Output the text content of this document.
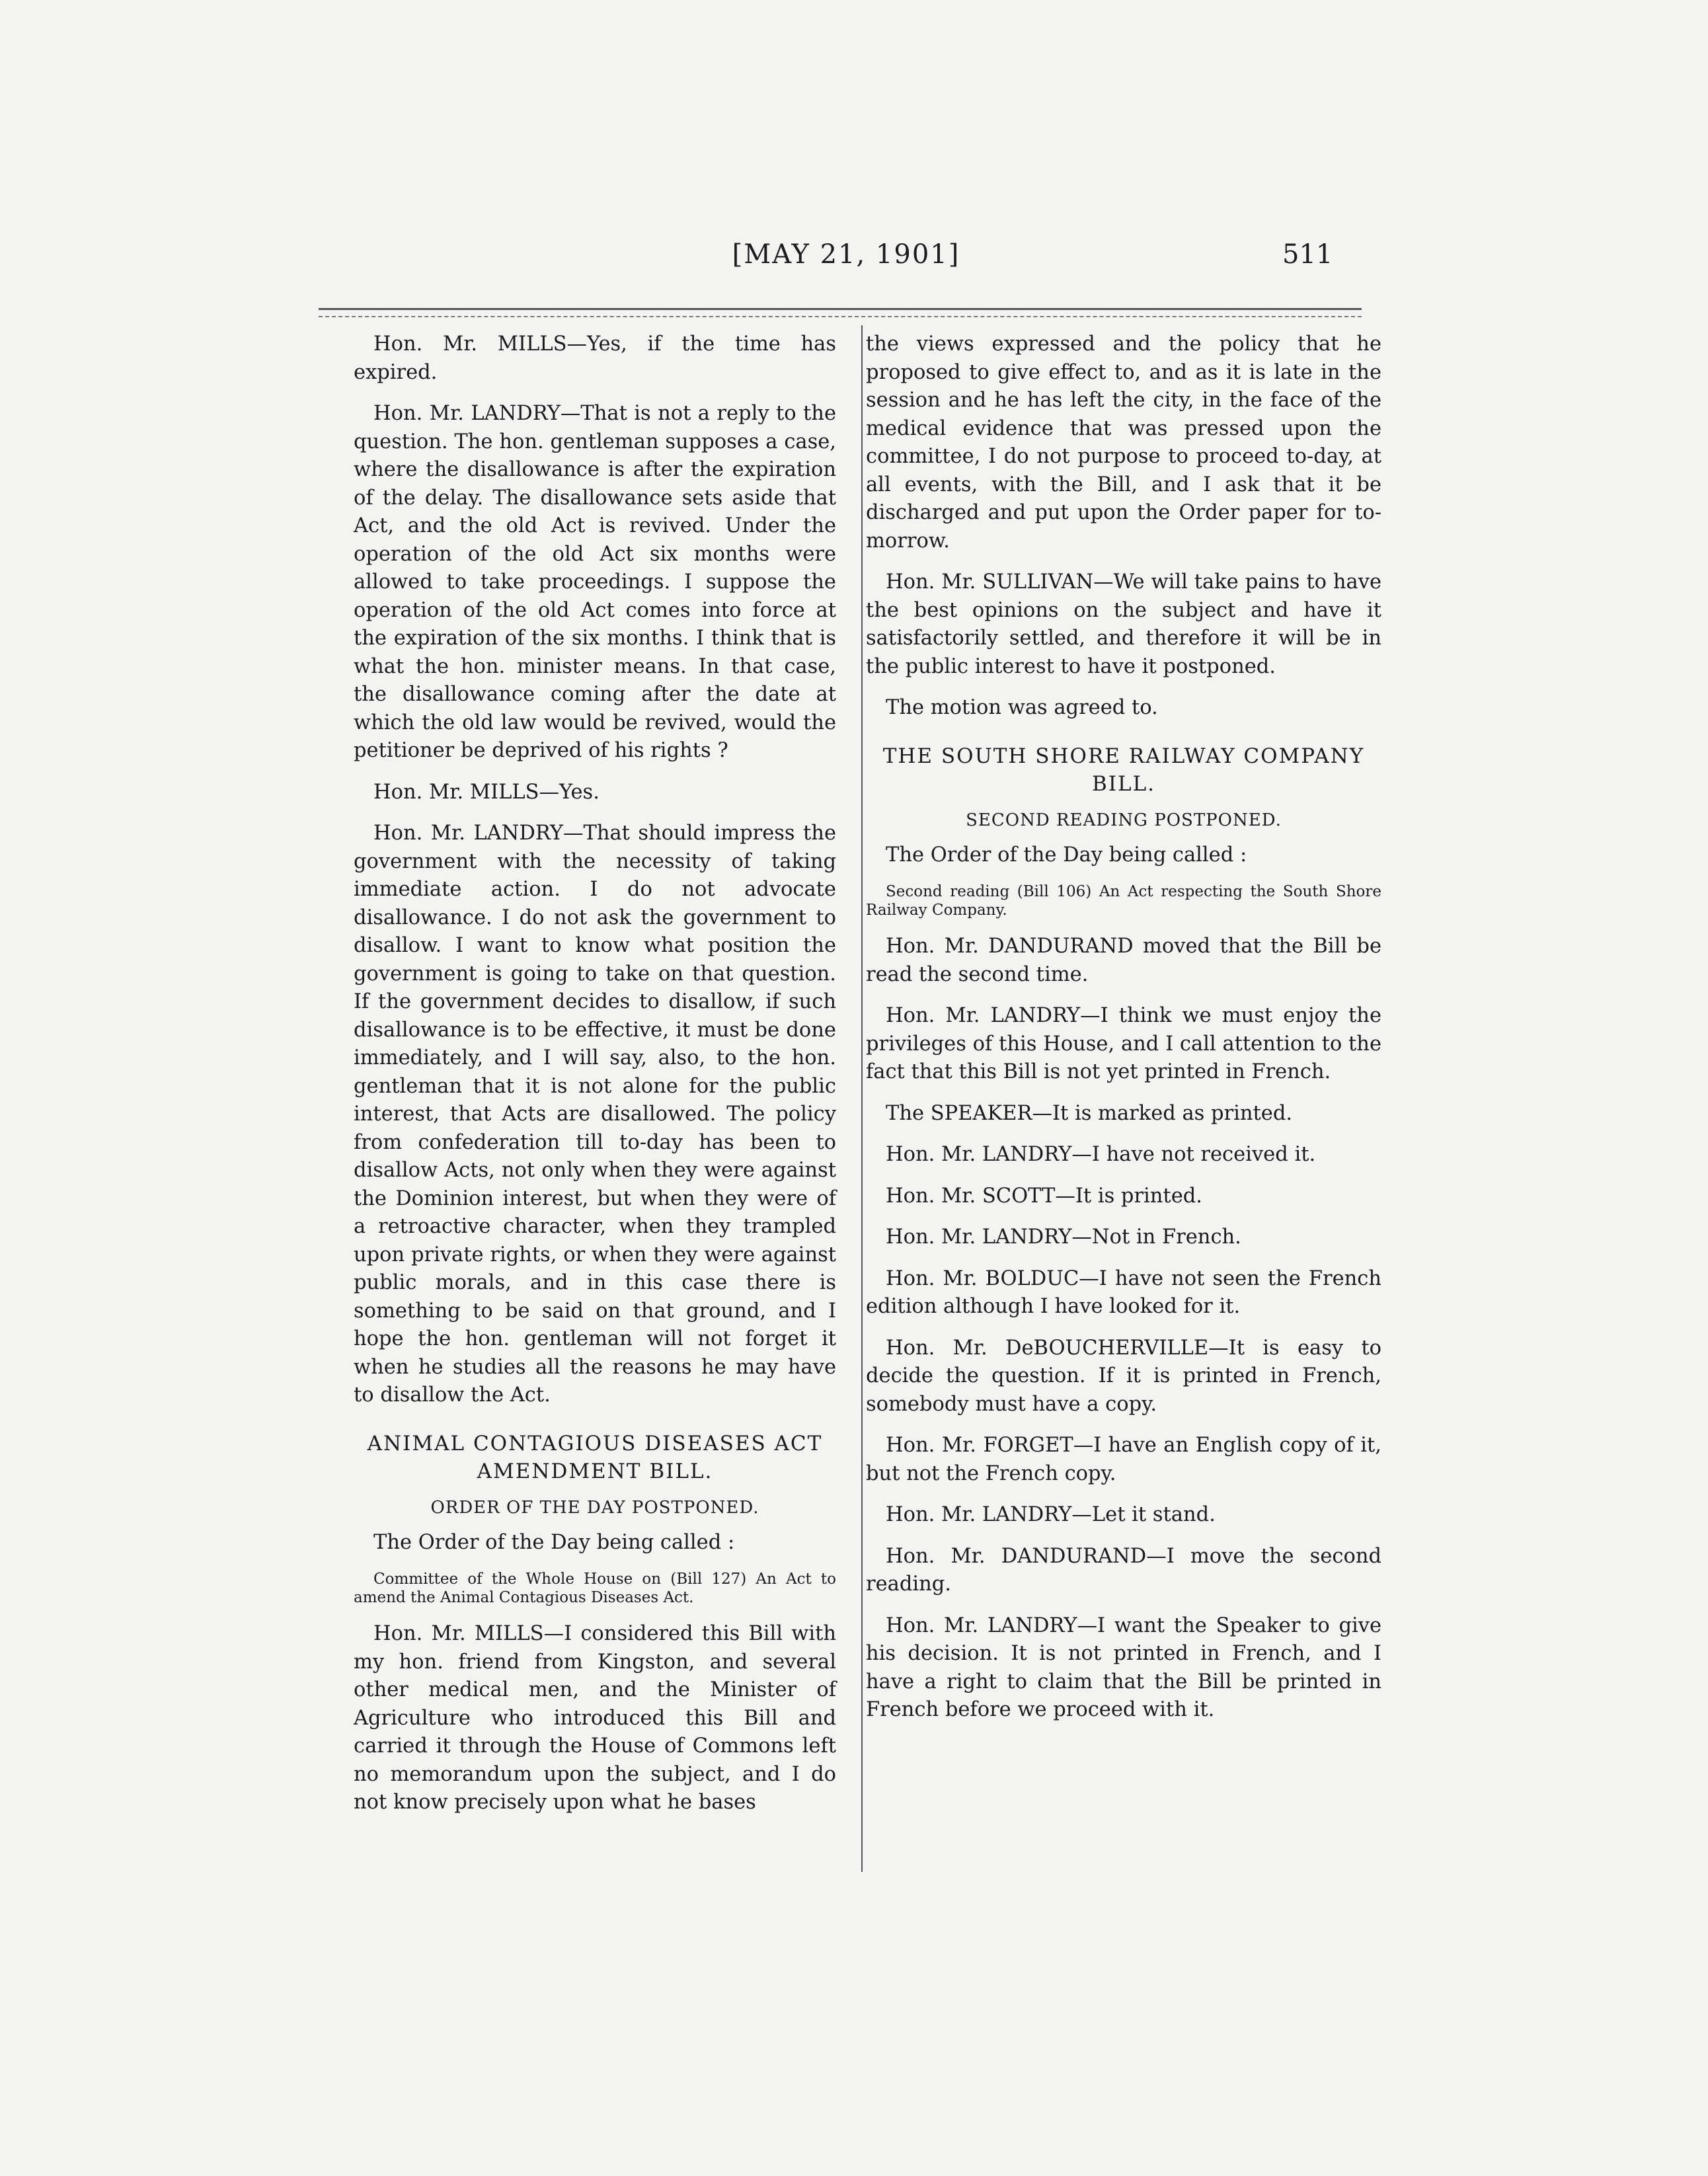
[MAY 21, 1901]	511

Hon. Mr. MILLS—Yes, if the time has expired.

Hon. Mr. LANDRY—That is not a reply to the question. The hon. gentleman supposes a case, where the disallowance is after the expiration of the delay. The disallowance sets aside that Act, and the old Act is revived. Under the operation of the old Act six months were allowed to take proceedings. I suppose the operation of the old Act comes into force at the expiration of the six months. I think that is what the hon. minister means. In that case, the disallowance coming after the date at which the old law would be revived, would the petitioner be deprived of his rights ?

Hon. Mr. MILLS—Yes.

Hon. Mr. LANDRY—That should impress the government with the necessity of taking immediate action. I do not advocate disallowance. I do not ask the government to disallow. I want to know what position the government is going to take on that question. If the government decides to disallow, if such disallowance is to be effective, it must be done immediately, and I will say, also, to the hon. gentleman that it is not alone for the public interest, that Acts are disallowed. The policy from confederation till to-day has been to disallow Acts, not only when they were against the Dominion interest, but when they were of a retroactive character, when they trampled upon private rights, or when they were against public morals, and in this case there is something to be said on that ground, and I hope the hon. gentleman will not forget it when he studies all the reasons he may have to disallow the Act.

ANIMAL CONTAGIOUS DISEASES ACT AMENDMENT BILL.
ORDER OF THE DAY POSTPONED.

The Order of the Day being called :

Committee of the Whole House on (Bill 127) An Act to amend the Animal Contagious Diseases Act.

Hon. Mr. MILLS—I considered this Bill with my hon. friend from Kingston, and several other medical men, and the Minister of Agriculture who introduced this Bill and carried it through the House of Commons left no memorandum upon the subject, and I do not know precisely upon what he bases

the views expressed and the policy that he proposed to give effect to, and as it is late in the session and he has left the city, in the face of the medical evidence that was pressed upon the committee, I do not purpose to proceed to-day, at all events, with the Bill, and I ask that it be discharged and put upon the Order paper for to-morrow.

Hon. Mr. SULLIVAN—We will take pains to have the best opinions on the subject and have it satisfactorily settled, and therefore it will be in the public interest to have it postponed.

The motion was agreed to.

THE SOUTH SHORE RAILWAY COMPANY BILL.
SECOND READING POSTPONED.

The Order of the Day being called :

Second reading (Bill 106) An Act respecting the South Shore Railway Company.

Hon. Mr. DANDURAND moved that the Bill be read the second time.

Hon. Mr. LANDRY—I think we must enjoy the privileges of this House, and I call attention to the fact that this Bill is not yet printed in French.

The SPEAKER—It is marked as printed.

Hon. Mr. LANDRY—I have not received it.

Hon. Mr. SCOTT—It is printed.

Hon. Mr. LANDRY—Not in French.

Hon. Mr. BOLDUC—I have not seen the French edition although I have looked for it.

Hon. Mr. DeBOUCHERVILLE—It is easy to decide the question. If it is printed in French, somebody must have a copy.

Hon. Mr. FORGET—I have an English copy of it, but not the French copy.

Hon. Mr. LANDRY—Let it stand.

Hon. Mr. DANDURAND—I move the second reading.

Hon. Mr. LANDRY—I want the Speaker to give his decision. It is not printed in French, and I have a right to claim that the Bill be printed in French before we proceed with it.
